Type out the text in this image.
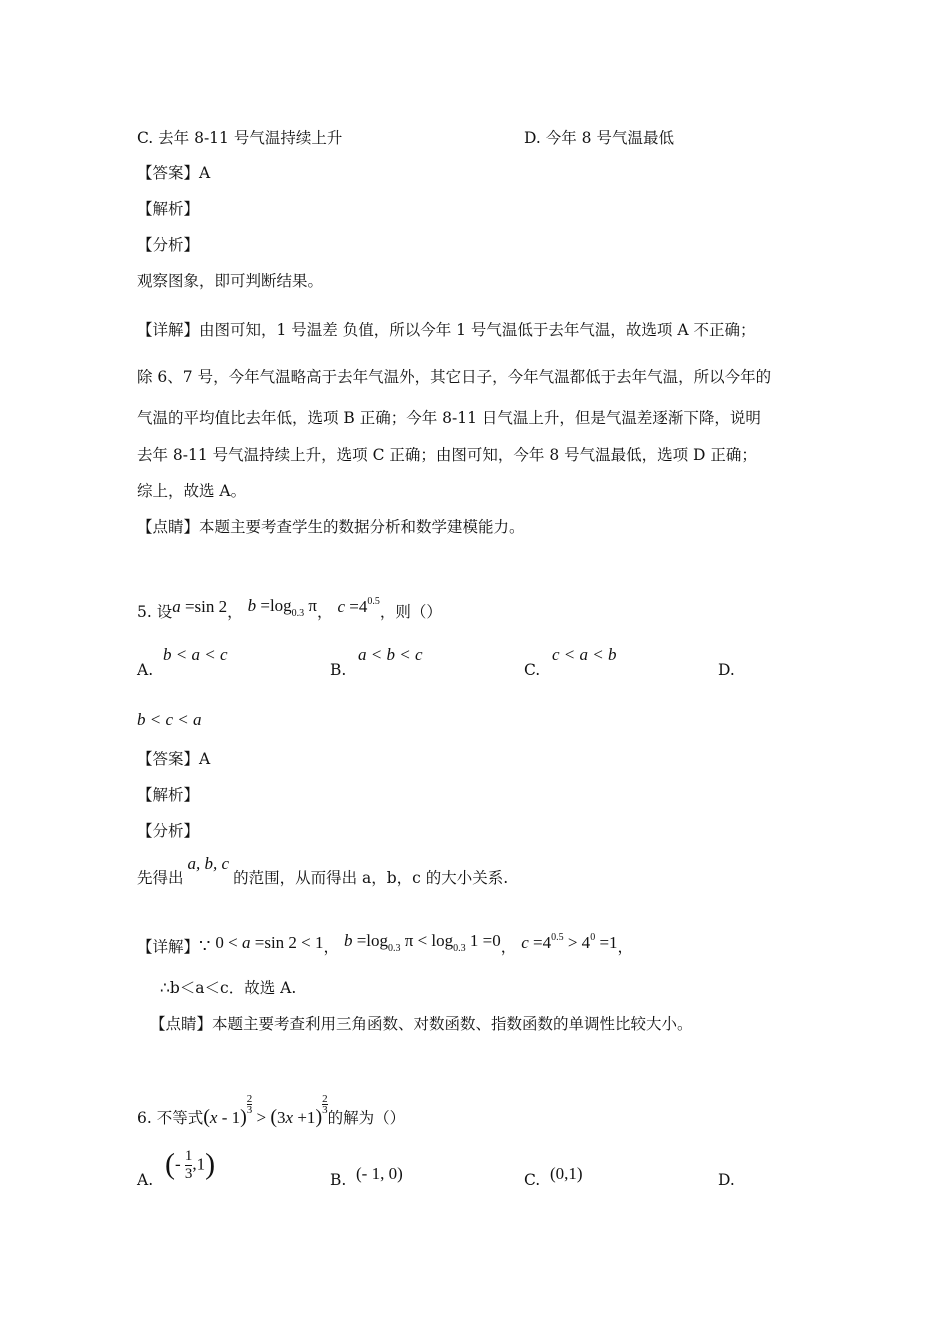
C. 去年 8-11 号气温持续上升	D. 今年 8 号气温最低
【答案】A
【解析】
【分析】
观察图象，即可判断结果。
【详解】由图可知，1 号温差 负值，所以今年 1 号气温低于去年气温，故选项 A 不正确；
除 6、7 号，今年气温略高于去年气温外，其它日子，今年气温都低于去年气温，所以今年的
气温的平均值比去年低，选项 B 正确；今年 8-11 日气温上升，但是气温差逐渐下降，说明
去年 8-11 号气温持续上升，选项 C 正确；由图可知，今年 8 号气温最低，选项 D 正确；
综上，故选 A。
【点睛】本题主要考查学生的数据分析和数学建模能力。
5. 设a =sin 2， $b =\log_{0.3}$ π， $c =4^{0.5}$，则（）
A.
b < a < c
B.
a < b < c
C.
c < a < b
D.
b < c < a
【答案】A
【解析】
【分析】
先得出a, b, c的范围，从而得出 a，b，c 的大小关系.
【详解】∵ 0 < a =sin 2 < 1， $b =\log_{0.3}$ $\pi < \log_{0.3} 1 =0$， $c =4^{0.5} > 4^0 =1$，
∴b＜a＜c．故选 A.
【点睛】本题主要考查利用三角函数、对数函数、指数函数的单调性比较大小。
6. 不等式(x - 1)
$\frac{2}{3}$
> (3x +1)
$\frac{2}{3}$
的解为（）
A. (- $\frac{1}{3} ,1$)	B. (- 1, 0)	C. (0,1)	D.
